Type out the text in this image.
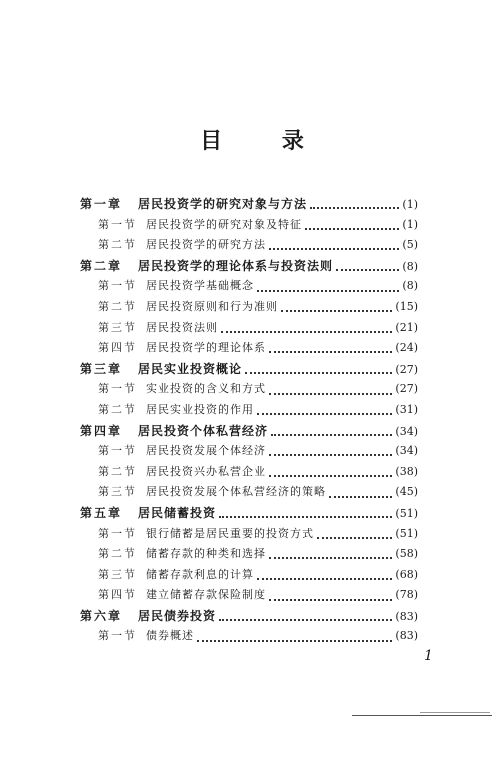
目 录
第一章	居民投资学的研究对象与方法	(1)
第一节 居民投资学的研究对象及特征	(1)
第二节 居民投资学的研究方法	(5)
第二章	居民投资学的理论体系与投资法则	(8)
第一节 居民投资学基础概念	(8)
第二节 居民投资原则和行为准则	(15)
第三节 居民投资法则	(21)
第四节 居民投资学的理论体系	(24)
第三章	居民实业投资概论	(27)
第一节 实业投资的含义和方式	(27)
第二节 居民实业投资的作用	(31)
第四章	居民投资个体私营经济	(34)
第一节 居民投资发展个体经济	(34)
第二节 居民投资兴办私营企业	(38)
第三节 居民投资发展个体私营经济的策略	(45)
第五章	居民储蓄投资	(51)
第一节 银行储蓄是居民重要的投资方式	(51)
第二节 储蓄存款的种类和选择	(58)
第三节 储蓄存款利息的计算	(68)
第四节 建立储蓄存款保险制度	(78)
第六章	居民债券投资	(83)
第一节 债券概述	(83)
1
